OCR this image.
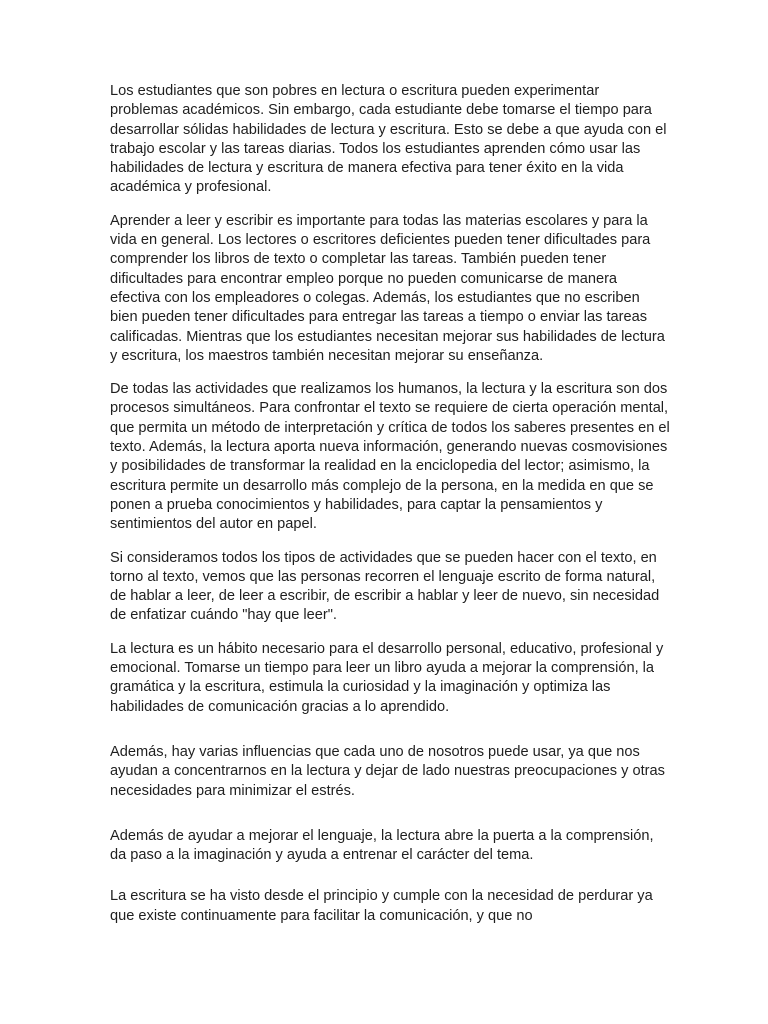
Los estudiantes que son pobres en lectura o escritura pueden experimentar problemas académicos. Sin embargo, cada estudiante debe tomarse el tiempo para desarrollar sólidas habilidades de lectura y escritura. Esto se debe a que ayuda con el trabajo escolar y las tareas diarias. Todos los estudiantes aprenden cómo usar las habilidades de lectura y escritura de manera efectiva para tener éxito en la vida académica y profesional.

Aprender a leer y escribir es importante para todas las materias escolares y para la vida en general. Los lectores o escritores deficientes pueden tener dificultades para comprender los libros de texto o completar las tareas. También pueden tener dificultades para encontrar empleo porque no pueden comunicarse de manera efectiva con los empleadores o colegas. Además, los estudiantes que no escriben bien pueden tener dificultades para entregar las tareas a tiempo o enviar las tareas calificadas. Mientras que los estudiantes necesitan mejorar sus habilidades de lectura y escritura, los maestros también necesitan mejorar su enseñanza.

De todas las actividades que realizamos los humanos, la lectura y la escritura son dos procesos simultáneos. Para confrontar el texto se requiere de cierta operación mental, que permita un método de interpretación y crítica de todos los saberes presentes en el texto. Además, la lectura aporta nueva información, generando nuevas cosmovisiones y posibilidades de transformar la realidad en la enciclopedia del lector; asimismo, la escritura permite un desarrollo más complejo de la persona, en la medida en que se ponen a prueba conocimientos y habilidades, para captar la pensamientos y sentimientos del autor en papel.

Si consideramos todos los tipos de actividades que se pueden hacer con el texto, en torno al texto, vemos que las personas recorren el lenguaje escrito de forma natural, de hablar a leer, de leer a escribir, de escribir a hablar y leer de nuevo, sin necesidad de enfatizar cuándo "hay que leer".

La lectura es un hábito necesario para el desarrollo personal, educativo, profesional y emocional. Tomarse un tiempo para leer un libro ayuda a mejorar la comprensión, la gramática y la escritura, estimula la curiosidad y la imaginación y optimiza las habilidades de comunicación gracias a lo aprendido.

Además, hay varias influencias que cada uno de nosotros puede usar, ya que nos ayudan a concentrarnos en la lectura y dejar de lado nuestras preocupaciones y otras necesidades para minimizar el estrés.

Además de ayudar a mejorar el lenguaje, la lectura abre la puerta a la comprensión, da paso a la imaginación y ayuda a entrenar el carácter del tema.

La escritura se ha visto desde el principio y cumple con la necesidad de perdurar ya que existe continuamente para facilitar la comunicación, y que no
